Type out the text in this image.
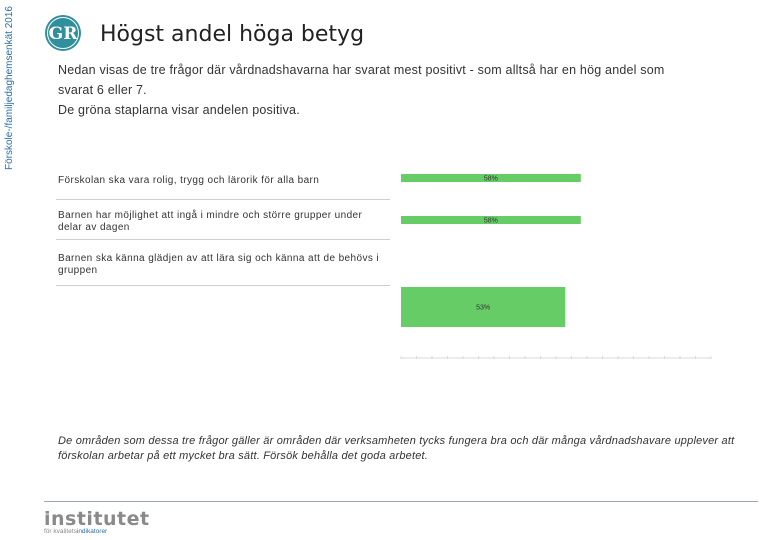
Förskole-/familjedaghemsenkät 2016 GR Högst andel höga betyg
Nedan visas de tre frågor där vårdnadshavarna har svarat mest positivt - som alltså har en hög andel som
svarat 6 eller 7.
De gröna staplarna visar andelen positiva.
Förskolan ska vara rolig, trygg och lärorik för alla barn
Barnen har möjlighet att ingå i mindre och större grupper under delar av dagen
Barnen ska känna glädjen av att lära sig och känna att de behövs i gruppen
58%
58%
53%
De områden som dessa tre frågor gäller är områden där verksamheten tycks fungera bra och där många vårdnadshavare upplever att förskolan arbetar på ett mycket bra sätt. Försök behålla det goda arbetet.
institutet
för kvalitetsindikatorer
